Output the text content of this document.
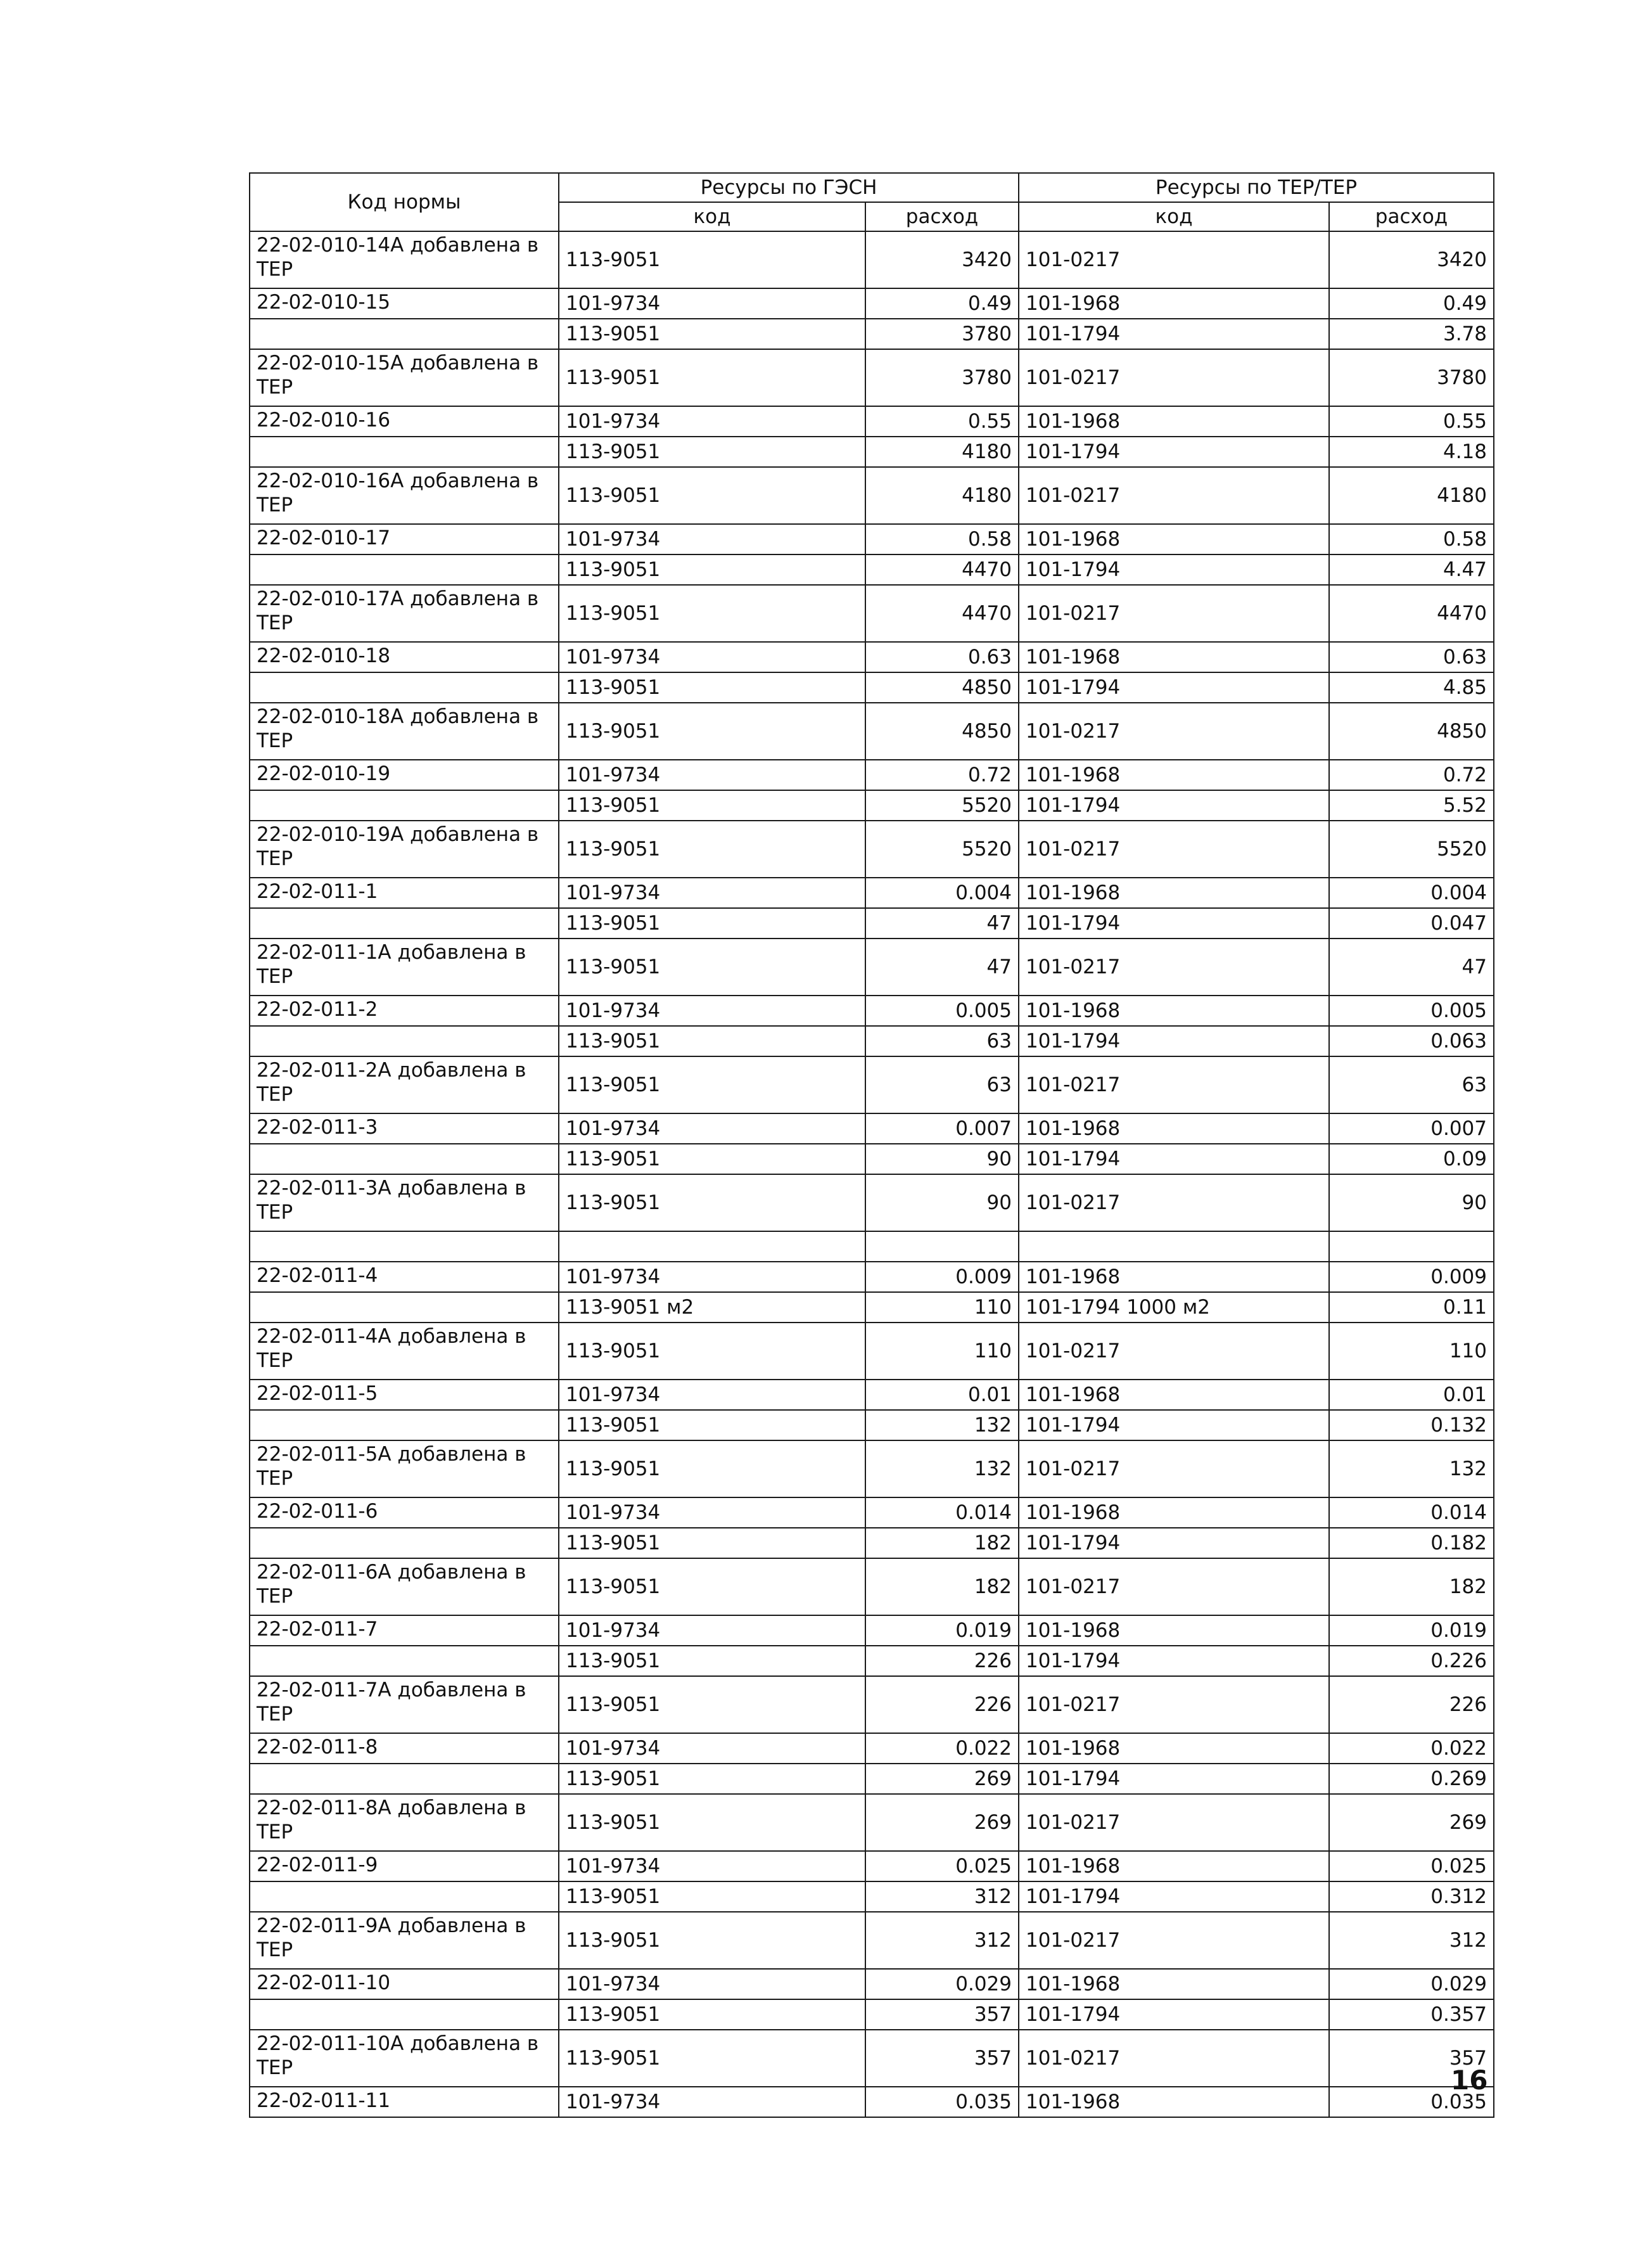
Код нормы	Ресурсы по ГЭСН		Ресурсы по ТЕР/ТЕР	
	код	расход	код	расход
22-02-010-14А добавлена в ТЕР	113-9051	3420	101-0217	3420
22-02-010-15	101-9734	0.49	101-1968	0.49
	113-9051	3780	101-1794	3.78
22-02-010-15А добавлена в ТЕР	113-9051	3780	101-0217	3780
22-02-010-16	101-9734	0.55	101-1968	0.55
	113-9051	4180	101-1794	4.18
22-02-010-16А добавлена в ТЕР	113-9051	4180	101-0217	4180
22-02-010-17	101-9734	0.58	101-1968	0.58
	113-9051	4470	101-1794	4.47
22-02-010-17А добавлена в ТЕР	113-9051	4470	101-0217	4470
22-02-010-18	101-9734	0.63	101-1968	0.63
	113-9051	4850	101-1794	4.85
22-02-010-18А добавлена в ТЕР	113-9051	4850	101-0217	4850
22-02-010-19	101-9734	0.72	101-1968	0.72
	113-9051	5520	101-1794	5.52
22-02-010-19А добавлена в ТЕР	113-9051	5520	101-0217	5520
22-02-011-1	101-9734	0.004	101-1968	0.004
	113-9051	47	101-1794	0.047
22-02-011-1А добавлена в ТЕР	113-9051	47	101-0217	47
22-02-011-2	101-9734	0.005	101-1968	0.005
	113-9051	63	101-1794	0.063
22-02-011-2А добавлена в ТЕР	113-9051	63	101-0217	63
22-02-011-3	101-9734	0.007	101-1968	0.007
	113-9051	90	101-1794	0.09
22-02-011-3А добавлена в ТЕР	113-9051	90	101-0217	90

22-02-011-4	101-9734	0.009	101-1968	0.009
	113-9051 м2	110	101-1794 1000 м2	0.11
22-02-011-4А добавлена в ТЕР	113-9051	110	101-0217	110
22-02-011-5	101-9734	0.01	101-1968	0.01
	113-9051	132	101-1794	0.132
22-02-011-5А добавлена в ТЕР	113-9051	132	101-0217	132
22-02-011-6	101-9734	0.014	101-1968	0.014
	113-9051	182	101-1794	0.182
22-02-011-6А добавлена в ТЕР	113-9051	182	101-0217	182
22-02-011-7	101-9734	0.019	101-1968	0.019
	113-9051	226	101-1794	0.226
22-02-011-7А добавлена в ТЕР	113-9051	226	101-0217	226
22-02-011-8	101-9734	0.022	101-1968	0.022
	113-9051	269	101-1794	0.269
22-02-011-8А добавлена в ТЕР	113-9051	269	101-0217	269
22-02-011-9	101-9734	0.025	101-1968	0.025
	113-9051	312	101-1794	0.312
22-02-011-9А добавлена в ТЕР	113-9051	312	101-0217	312
22-02-011-10	101-9734	0.029	101-1968	0.029
	113-9051	357	101-1794	0.357
22-02-011-10А добавлена в ТЕР	113-9051	357	101-0217	357
22-02-011-11	101-9734	0.035	101-1968	0.035
16
